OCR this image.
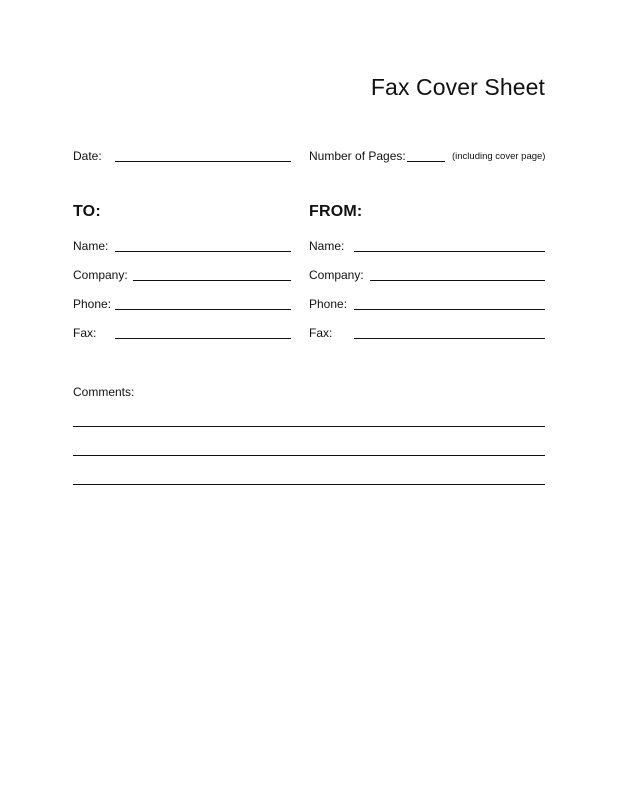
Fax Cover Sheet
Date:	Number of Pages:	(including cover page)
TO:
Name:
Company:
Phone:
Fax:
FROM:
Name:
Company:
Phone:
Fax:
Comments:
